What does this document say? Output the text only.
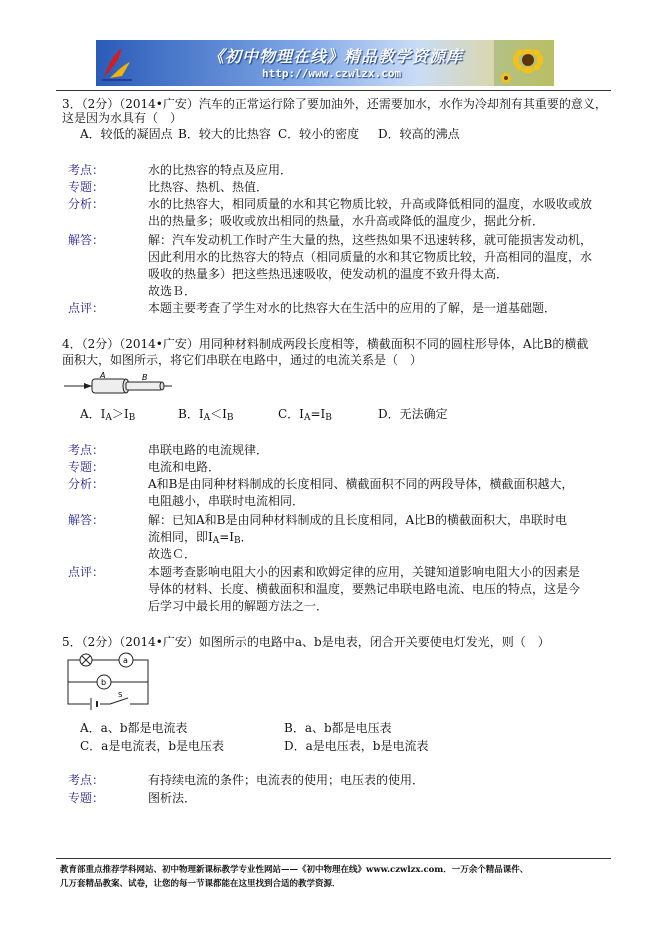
《初中物理在线》精品教学资源库
http://www.czwlzx.com
3．（2分）（2014•广安）汽车的正常运行除了要加油外，还需要加水，水作为冷却剂有其重要的意义，
这是因为水具有（　）
A．较低的凝固点 B．较大的比热容 C．较小的密度 D．较高的沸点
考点：	水的比热容的特点及应用．
专题：	比热容、热机、热值．
分析：	水的比热容大，相同质量的水和其它物质比较，升高或降低相同的温度，水吸收或放
出的热量多；吸收或放出相同的热量，水升高或降低的温度少，据此分析．
解答：	解：汽车发动机工作时产生大量的热，这些热如果不迅速转移，就可能损害发动机，
因此利用水的比热容大的特点（相同质量的水和其它物质比较，升高相同的温度，水
吸收的热量多）把这些热迅速吸收，使发动机的温度不致升得太高．
故选Ｂ．
点评：	本题主要考查了学生对水的比热容大在生活中的应用的了解，是一道基础题．
4．（2分）（2014•广安）用同种材料制成两段长度相等，横截面积不同的圆柱形导体，A比B的横截
面积大，如图所示，将它们串联在电路中，通过的电流关系是（　）
A	B
A．$I_A>I_B$	B．$I_A<I_B$	C．$I_A=I_B$	D．无法确定
考点：	串联电路的电流规律．
专题：	电流和电路．
分析：	A和B是由同种材料制成的长度相同、横截面积不同的两段导体，横截面积越大，
电阻越小，串联时电流相同．
解答：	解：已知A和B是由同种材料制成的且长度相同，A比B的横截面积大，串联时电
流相同，即$I_A=I_B$．
故选Ｃ．
点评：	本题考查影响电阻大小的因素和欧姆定律的应用，关键知道影响电阻大小的因素是
导体的材料、长度、横截面积和温度，要熟记串联电路电流、电压的特点，这是今
后学习中最长用的解题方法之一．
5．（2分）（2014•广安）如图所示的电路中a、b是电表，闭合开关要使电灯发光，则（　）
a
b
S
A．a、b都是电流表	B．a、b都是电压表
C．a是电流表，b是电压表	D．a是电压表，b是电流表
考点：	有持续电流的条件；电流表的使用；电压表的使用．
专题：	图析法．
教育部重点推荐学科网站、初中物理新课标教学专业性网站——《初中物理在线》www.czwlzx.com．一万余个精品课件、
几万套精品教案、试卷，让您的每一节课都能在这里找到合适的教学资源．
